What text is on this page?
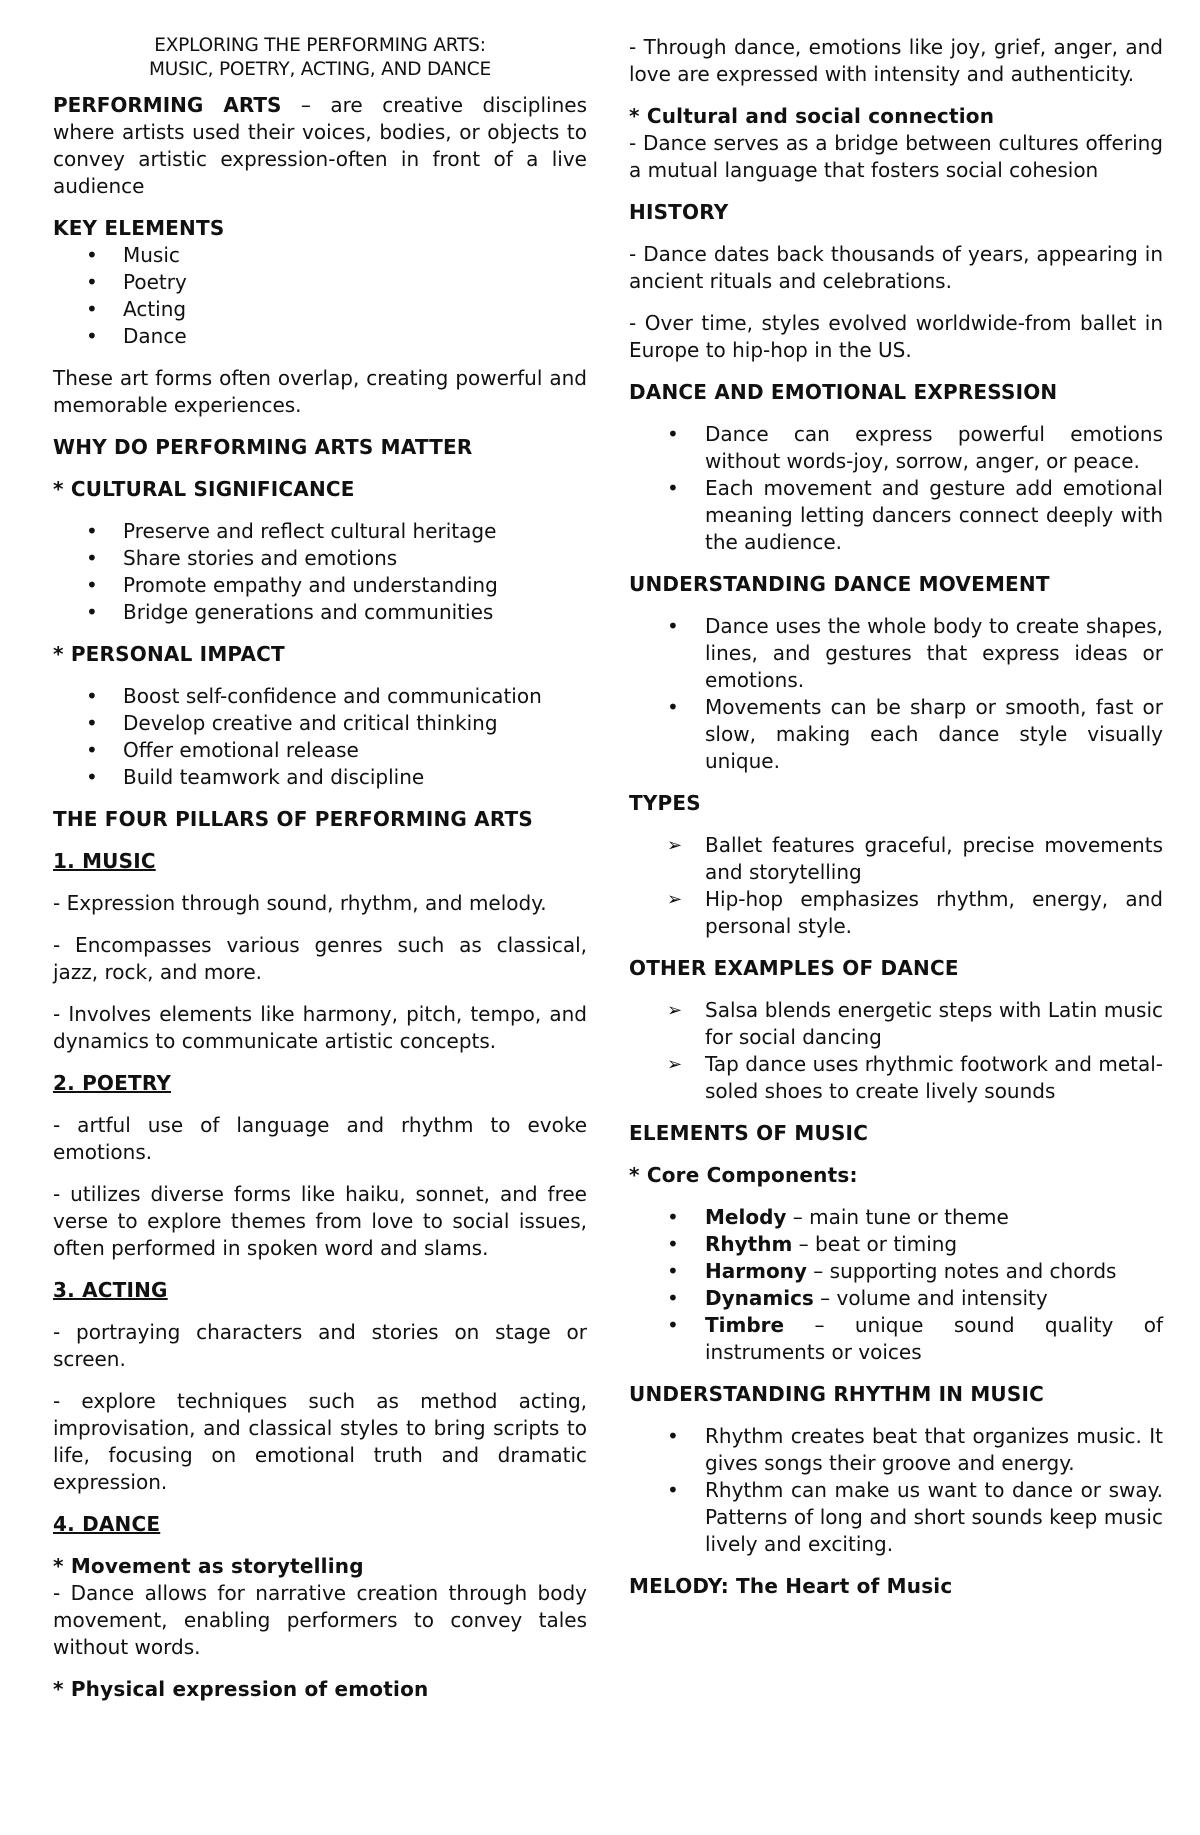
EXPLORING THE PERFORMING ARTS:
MUSIC, POETRY, ACTING, AND DANCE

PERFORMING ARTS – are creative disciplines where artists used their voices, bodies, or objects to convey artistic expression-often in front of a live audience

KEY ELEMENTS
• Music
• Poetry
• Acting
• Dance

These art forms often overlap, creating powerful and memorable experiences.

WHY DO PERFORMING ARTS MATTER
* CULTURAL SIGNIFICANCE
• Preserve and reflect cultural heritage
• Share stories and emotions
• Promote empathy and understanding
• Bridge generations and communities
* PERSONAL IMPACT
• Boost self-confidence and communication
• Develop creative and critical thinking
• Offer emotional release
• Build teamwork and discipline
THE FOUR PILLARS OF PERFORMING ARTS
1. MUSIC

- Expression through sound, rhythm, and melody.

- Encompasses various genres such as classical, jazz, rock, and more.

- Involves elements like harmony, pitch, tempo, and dynamics to communicate artistic concepts.

2. POETRY

- artful use of language and rhythm to evoke emotions.

- utilizes diverse forms like haiku, sonnet, and free verse to explore themes from love to social issues, often performed in spoken word and slams.

3. ACTING

- portraying characters and stories on stage or screen.

- explore techniques such as method acting, improvisation, and classical styles to bring scripts to life, focusing on emotional truth and dramatic expression.

4. DANCE
* Movement as storytelling

- Dance allows for narrative creation through body movement, enabling performers to convey tales without words.

* Physical expression of emotion

- Through dance, emotions like joy, grief, anger, and love are expressed with intensity and authenticity.

* Cultural and social connection

- Dance serves as a bridge between cultures offering a mutual language that fosters social cohesion

HISTORY

- Dance dates back thousands of years, appearing in ancient rituals and celebrations.

- Over time, styles evolved worldwide-from ballet in Europe to hip-hop in the US.

DANCE AND EMOTIONAL EXPRESSION
• Dance can express powerful emotions without words-joy, sorrow, anger, or peace.
• Each movement and gesture add emotional meaning letting dancers connect deeply with the audience.
UNDERSTANDING DANCE MOVEMENT
• Dance uses the whole body to create shapes, lines, and gestures that express ideas or emotions.
• Movements can be sharp or smooth, fast or slow, making each dance style visually unique.
TYPES
➢ Ballet features graceful, precise movements and storytelling
➢ Hip-hop emphasizes rhythm, energy, and personal style.
OTHER EXAMPLES OF DANCE
➢ Salsa blends energetic steps with Latin music for social dancing
➢ Tap dance uses rhythmic footwork and metal-soled shoes to create lively sounds
ELEMENTS OF MUSIC
* Core Components:
• Melody – main tune or theme
• Rhythm – beat or timing
• Harmony – supporting notes and chords
• Dynamics – volume and intensity
• Timbre – unique sound quality of instruments or voices
UNDERSTANDING RHYTHM IN MUSIC
• Rhythm creates beat that organizes music. It gives songs their groove and energy.
• Rhythm can make us want to dance or sway. Patterns of long and short sounds keep music lively and exciting.
MELODY: The Heart of Music
